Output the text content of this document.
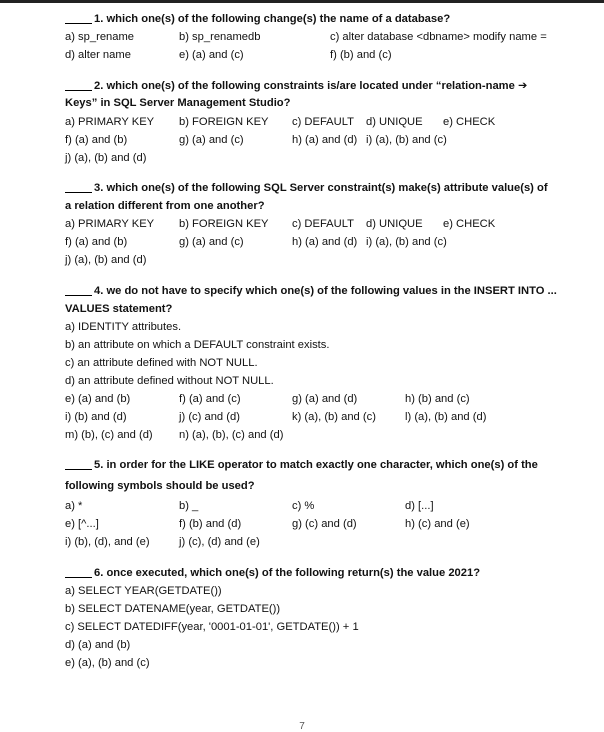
1. which one(s) of the following change(s) the name of a database?
a) sp_rename	b) sp_renamedb	c) alter database <dbname> modify name =
d) alter name	e) (a) and (c)	f) (b) and (c)
2. which one(s) of the following constraints is/are located under “relation-name ➔
Keys” in SQL Server Management Studio?
a) PRIMARY KEY b) FOREIGN KEY c) DEFAULT d) UNIQUE e) CHECK
f) (a) and (b)	g) (a) and (c)	h) (a) and (d) i) (a), (b) and (c)
j) (a), (b) and (d)
3. which one(s) of the following SQL Server constraint(s) make(s) attribute value(s) of
a relation different from one another?
a) PRIMARY KEY b) FOREIGN KEY c) DEFAULT d) UNIQUE e) CHECK
f) (a) and (b)	g) (a) and (c)	h) (a) and (d) i) (a), (b) and (c)
j) (a), (b) and (d)
4. we do not have to specify which one(s) of the following values in the INSERT INTO ...
VALUES statement?
a) IDENTITY attributes.
b) an attribute on which a DEFAULT constraint exists.
c) an attribute defined with NOT NULL.
d) an attribute defined without NOT NULL.
e) (a) and (b)	f) (a) and (c)	g) (a) and (d)	h) (b) and (c)
i) (b) and (d)	j) (c) and (d)	k) (a), (b) and (c)	l) (a), (b) and (d)
m) (b), (c) and (d) n) (a), (b), (c) and (d)
5. in order for the LIKE operator to match exactly one character, which one(s) of the
following symbols should be used?
a) *	b) _	c) %	d) [...]
e) [^...]	f) (b) and (d)	g) (c) and (d)	h) (c) and (e)
i) (b), (d), and (e)	j) (c), (d) and (e)
6. once executed, which one(s) of the following return(s) the value 2021?
a) SELECT YEAR(GETDATE())
b) SELECT DATENAME(year, GETDATE())
c) SELECT DATEDIFF(year, '0001-01-01', GETDATE()) + 1
d) (a) and (b)
e) (a), (b) and (c)
7
